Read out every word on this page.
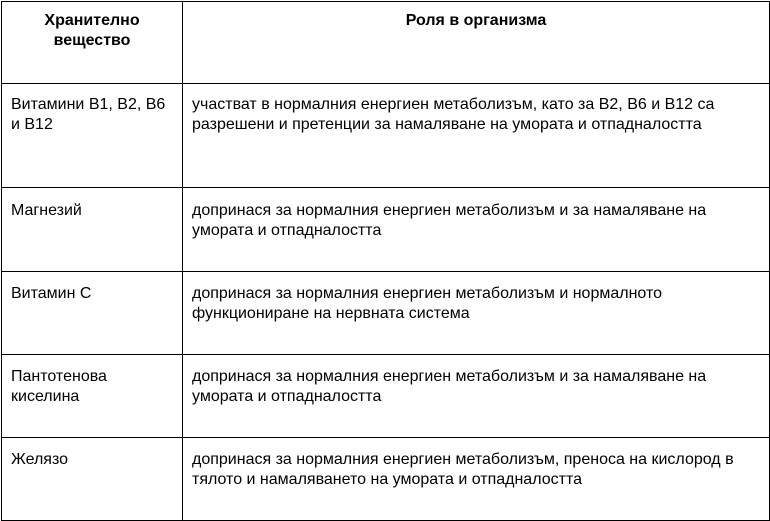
Хранително вещество	Роля в организма
Витамини B1, B2, B6 и B12	участват в нормалния енергиен метаболизъм, като за B2, B6 и B12 са разрешени и претенции за намаляване на умората и отпадналостта
Магнезий	допринася за нормалния енергиен метаболизъм и за намаляване на умората и отпадналостта
Витамин С	допринася за нормалния енергиен метаболизъм и нормалното функциониране на нервната система
Пантотенова киселина	допринася за нормалния енергиен метаболизъм и за намаляване на умората и отпадналостта
Желязо	допринася за нормалния енергиен метаболизъм, преноса на кислород в тялото и намаляването на умората и отпадналостта
